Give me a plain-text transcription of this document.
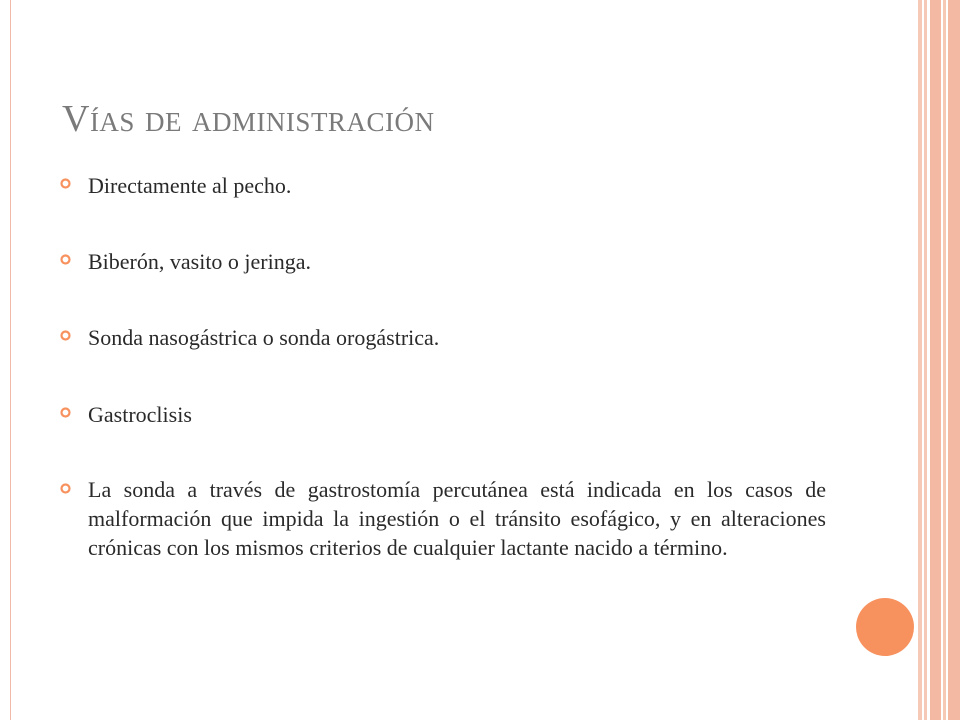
Vías de administración
Directamente al pecho.
Biberón, vasito o jeringa.
Sonda nasogástrica o sonda orogástrica.
Gastroclisis
La sonda a través de gastrostomía percutánea está indicada en los casos de malformación que impida la ingestión o el tránsito esofágico, y en alteraciones crónicas con los mismos criterios de cualquier lactante nacido a término.
